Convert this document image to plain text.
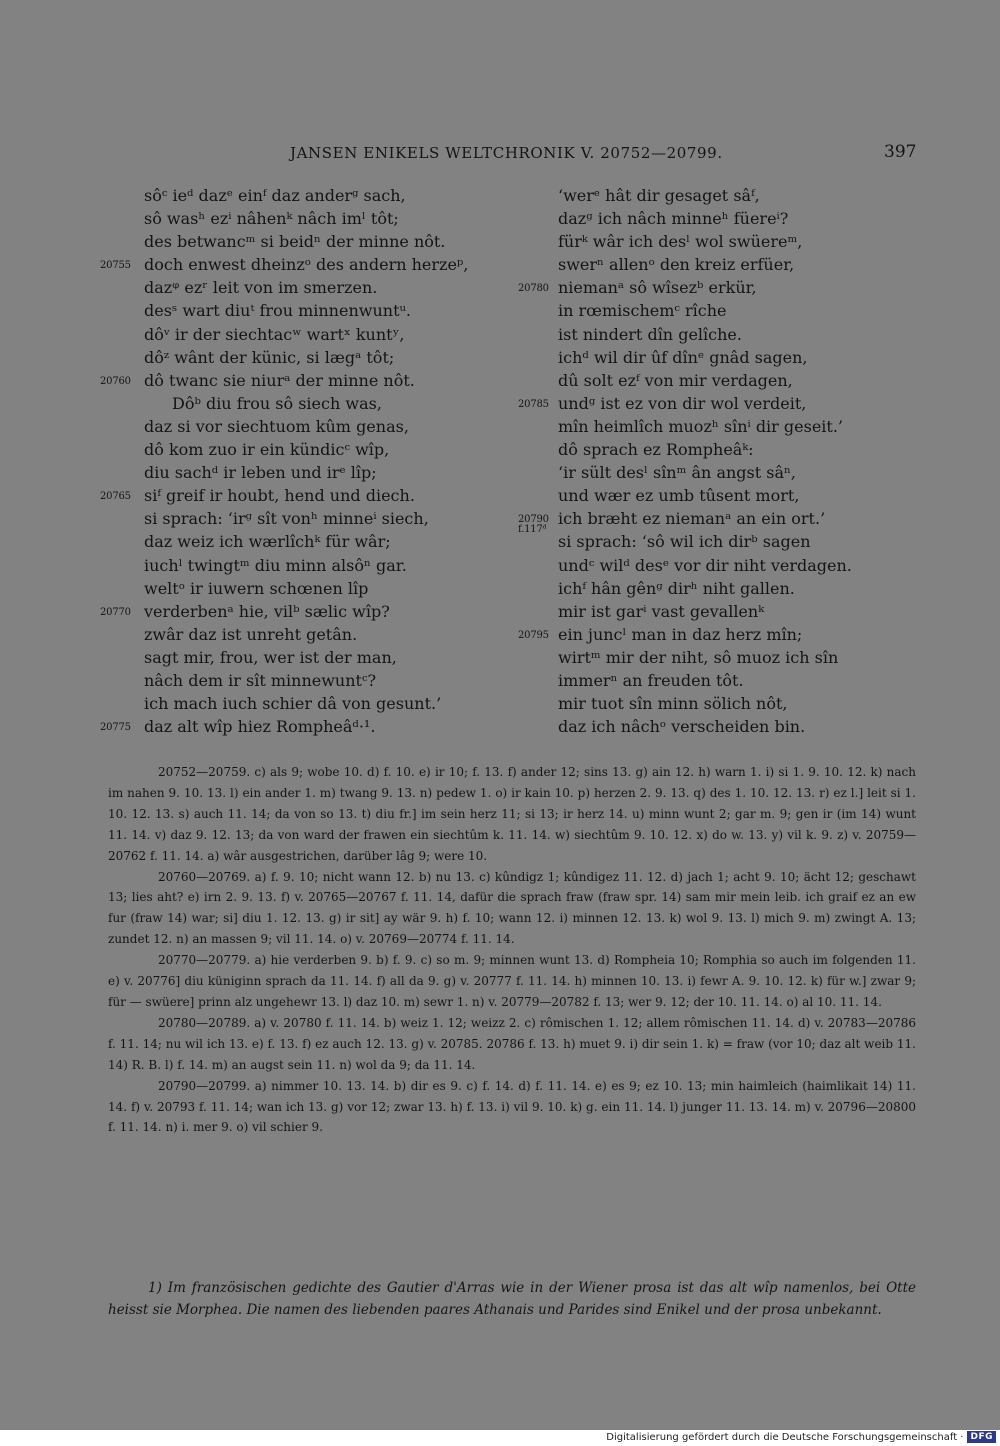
JANSEN ENIKELS WELTCHRONIK V. 20752—20799.	397
sôᶜ ieᵈ dazᵉ einᶠ daz anderᵍ sach,
sô wasʰ ezⁱ nâhenᵏ nâch imˡ tôt;
des betwancᵐ si beidⁿ der minne nôt.
20755 doch enwest dheinzᵒ des andern herzeᵖ,
dazᵠ ezʳ leit von im smerzen.
desˢ wart diuᵗ frou minnenwuntᵘ.
dôᵛ ir der siechtacʷ wartˣ kuntʸ,
dôᶻ wânt der künic, si lægᵃ tôt;
20760 dô twanc sie niurᵃ der minne nôt.
Dôᵇ diu frou sô siech was,
daz si vor siechtuom kûm genas,
dô kom zuo ir ein kündicᶜ wîp,
diu sachᵈ ir leben und irᵉ lîp;
20765 siᶠ greif ir houbt, hend und diech.
si sprach: ‘irᵍ sît vonʰ minneⁱ siech,
daz weiz ich wærlîchᵏ für wâr;
iuchˡ twingtᵐ diu minn alsôⁿ gar.
weltᵒ ir iuwern schœnen lîp
20770 verderbenᵃ hie, vilᵇ sælic wîp?
zwâr daz ist unreht getân.
sagt mir, frou, wer ist der man,
nâch dem ir sît minnewuntᶜ?
ich mach iuch schier dâ von gesunt.’
20775 daz alt wîp hiez Rompheâᵈ·¹.
‘werᵉ hât dir gesaget sâᶠ,
dazᵍ ich nâch minneʰ füereⁱ?
fürᵏ wâr ich desˡ wol swüereᵐ,
swerⁿ allenᵒ den kreiz erfüer,
20780 niemanᵃ sô wîsezᵇ erkür,
in rœmischemᶜ rîche
ist nindert dîn gelîche.
ichᵈ wil dir ûf dînᵉ gnâd sagen,
dû solt ezᶠ von mir verdagen,
20785 undᵍ ist ez von dir wol verdeit,
mîn heimlîch muozʰ sînⁱ dir geseit.’
dô sprach ez Rompheâᵏ:
‘ir sült desˡ sînᵐ ân angst sâⁿ,
und wær ez umb tûsent mort,
20790 ich bræht ez niemanᵃ an ein ort.’
f.117ᵈ
si sprach: ‘sô wil ich dirᵇ sagen
undᶜ wilᵈ desᵉ vor dir niht verdagen.
ichᶠ hân gênᵍ dirʰ niht gallen.
mir ist garⁱ vast gevallenᵏ
20795 ein juncˡ man in daz herz mîn;
wirtᵐ mir der niht, sô muoz ich sîn
immerⁿ an freuden tôt.
mir tuot sîn minn sölich nôt,
daz ich nâchᵒ verscheiden bin.

20752—20759. c) als 9; wobe 10. d) f. 10. e) ir 10; f. 13. f) ander 12; sins 13. g) ain 12. h) warn 1. i) si 1. 9. 10. 12. k) nach im nahen 9. 10. 13. l) ein ander 1. m) twang 9. 13. n) pedew 1. o) ir kain 10. p) herzen 2. 9. 13. q) des 1. 10. 12. 13. r) ez l.] leit si 1. 10. 12. 13. s) auch 11. 14; da von so 13. t) diu fr.] im sein herz 11; si 13; ir herz 14. u) minn wunt 2; gar m. 9; gen ir (im 14) wunt 11. 14. v) daz 9. 12. 13; da von ward der frawen ein siechtûm k. 11. 14. w) siechtûm 9. 10. 12. x) do w. 13. y) vil k. 9. z) v. 20759—20762 f. 11. 14. a) wâr ausgestrichen, darüber lâg 9; were 10.

20760—20769. a) f. 9. 10; nicht wann 12. b) nu 13. c) kûndigz 1; kûndigez 11. 12. d) jach 1; acht 9. 10; ächt 12; geschawt 13; lies aht? e) irn 2. 9. 13. f) v. 20765—20767 f. 11. 14, dafür die sprach fraw (fraw spr. 14) sam mir mein leib. ich graif ez an ew fur (fraw 14) war; si] diu 1. 12. 13. g) ir sit] ay wär 9. h) f. 10; wann 12. i) minnen 12. 13. k) wol 9. 13. l) mich 9. m) zwingt A. 13; zundet 12. n) an massen 9; vil 11. 14. o) v. 20769—20774 f. 11. 14.

20770—20779. a) hie verderben 9. b) f. 9. c) so m. 9; minnen wunt 13. d) Rompheia 10; Romphia so auch im folgenden 11. e) v. 20776] diu küniginn sprach da 11. 14. f) all da 9. g) v. 20777 f. 11. 14. h) minnen 10. 13. i) fewr A. 9. 10. 12. k) für w.] zwar 9; für — swüere] prinn alz ungehewr 13. l) daz 10. m) sewr 1. n) v. 20779—20782 f. 13; wer 9. 12; der 10. 11. 14. o) al 10. 11. 14.

20780—20789. a) v. 20780 f. 11. 14. b) weiz 1. 12; weizz 2. c) rômischen 1. 12; allem rômischen 11. 14. d) v. 20783—20786 f. 11. 14; nu wil ich 13. e) f. 13. f) ez auch 12. 13. g) v. 20785. 20786 f. 13. h) muet 9. i) dir sein 1. k) = fraw (vor 10; daz alt weib 11. 14) R. B. l) f. 14. m) an augst sein 11. n) wol da 9; da 11. 14.

20790—20799. a) nimmer 10. 13. 14. b) dir es 9. c) f. 14. d) f. 11. 14. e) es 9; ez 10. 13; min haimleich (haimlikait 14) 11. 14. f) v. 20793 f. 11. 14; wan ich 13. g) vor 12; zwar 13. h) f. 13. i) vil 9. 10. k) g. ein 11. 14. l) junger 11. 13. 14. m) v. 20796—20800 f. 11. 14. n) i. mer 9. o) vil schier 9.

1) Im französischen gedichte des Gautier d'Arras wie in der Wiener prosa ist das alt wîp namenlos, bei Otte heisst sie Morphea. Die namen des liebenden paares Athanais und Parides sind Enikel und der prosa unbekannt.

Digitalisierung gefördert durch die Deutsche Forschungsgemeinschaft · DFG
